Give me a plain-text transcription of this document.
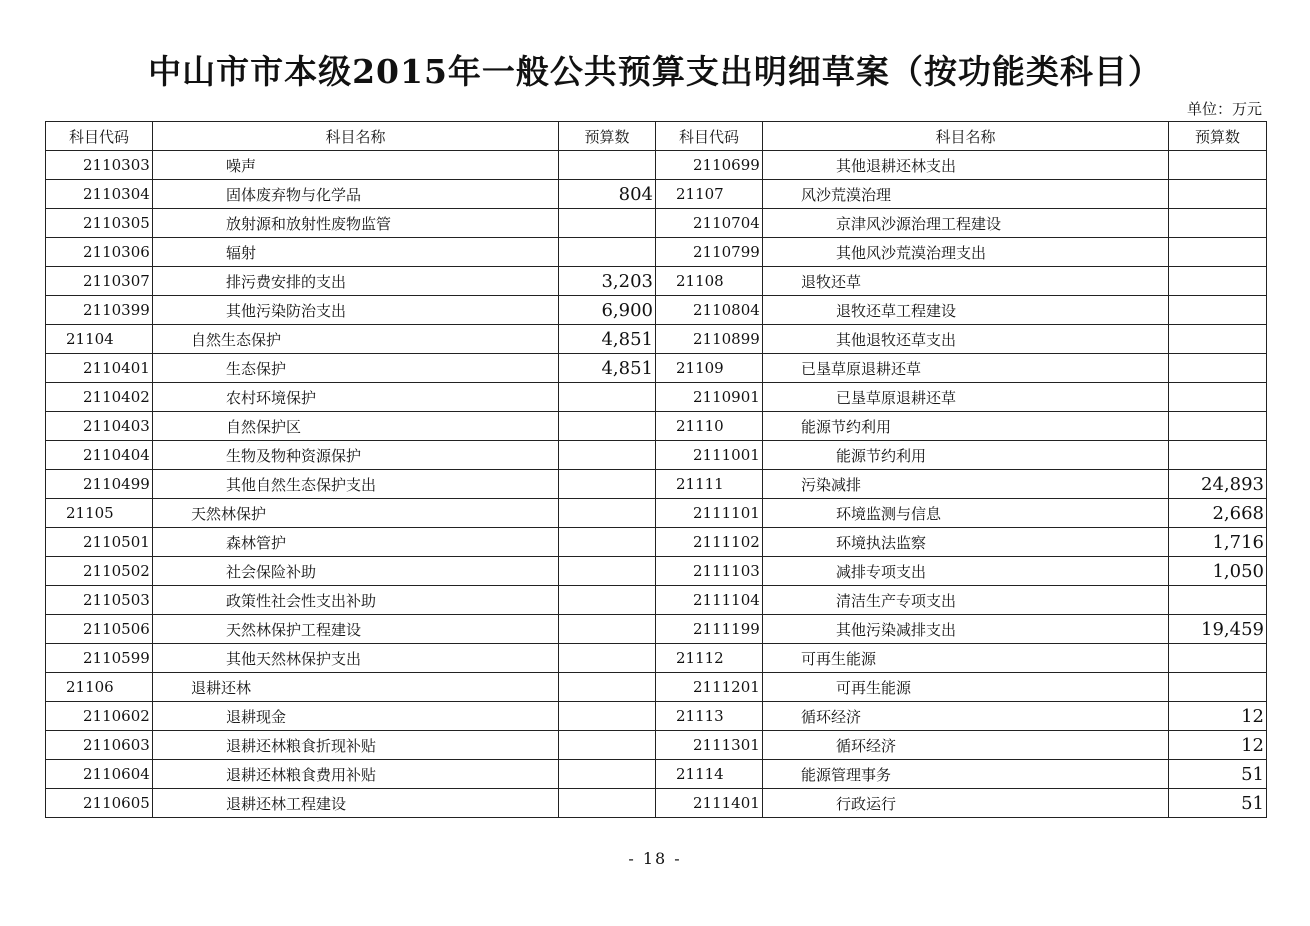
中山市市本级2015年一般公共预算支出明细草案（按功能类科目）
单位：万元
科目代码	科目名称	预算数	科目代码	科目名称	预算数
2110303	噪声		2110699	其他退耕还林支出	
2110304	固体废弃物与化学品	804	21107	风沙荒漠治理	
2110305	放射源和放射性废物监管		2110704	京津风沙源治理工程建设	
2110306	辐射		2110799	其他风沙荒漠治理支出	
2110307	排污费安排的支出	3,203	21108	退牧还草	
2110399	其他污染防治支出	6,900	2110804	退牧还草工程建设	
21104	自然生态保护	4,851	2110899	其他退牧还草支出	
2110401	生态保护	4,851	21109	已垦草原退耕还草	
2110402	农村环境保护		2110901	已垦草原退耕还草	
2110403	自然保护区		21110	能源节约利用	
2110404	生物及物种资源保护		2111001	能源节约利用	
2110499	其他自然生态保护支出		21111	污染减排	24,893
21105	天然林保护		2111101	环境监测与信息	2,668
2110501	森林管护		2111102	环境执法监察	1,716
2110502	社会保险补助		2111103	减排专项支出	1,050
2110503	政策性社会性支出补助		2111104	清洁生产专项支出	
2110506	天然林保护工程建设		2111199	其他污染减排支出	19,459
2110599	其他天然林保护支出		21112	可再生能源	
21106	退耕还林		2111201	可再生能源	
2110602	退耕现金		21113	循环经济	12
2110603	退耕还林粮食折现补贴		2111301	循环经济	12
2110604	退耕还林粮食费用补贴		21114	能源管理事务	51
2110605	退耕还林工程建设		2111401	行政运行	51
- 18 -
